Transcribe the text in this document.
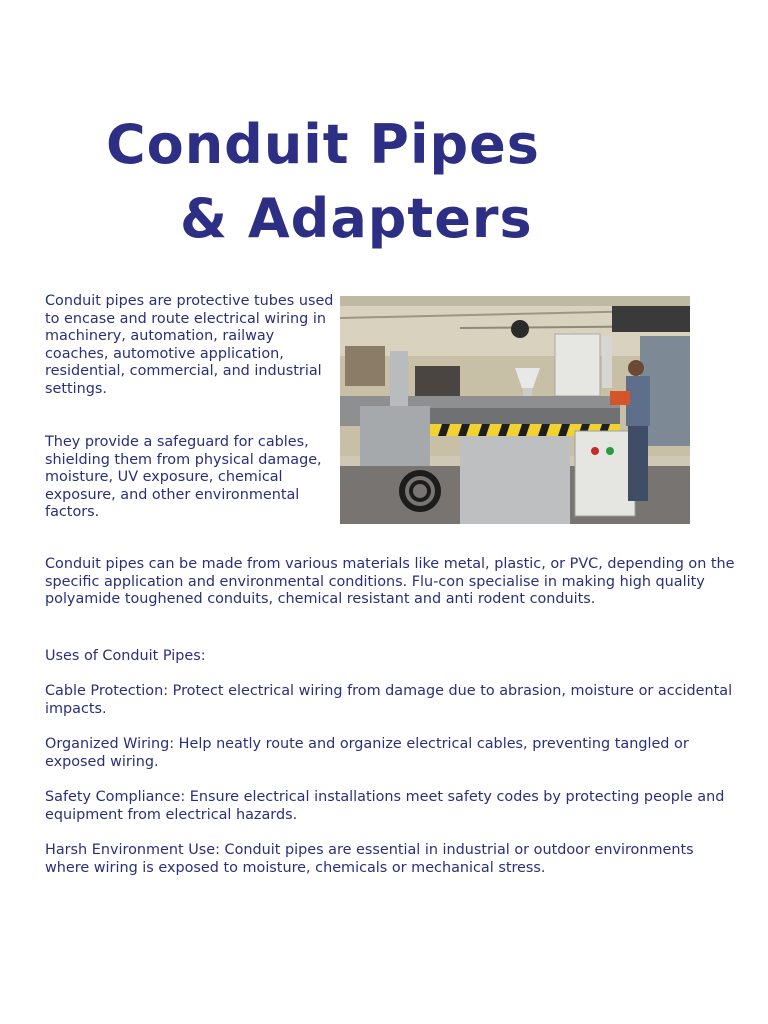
Conduit Pipes
& Adapters

Conduit pipes are protective tubes used to encase and route electrical wiring in machinery, automation, railway coaches, automotive application, residential, commercial, and industrial settings.

They provide a safeguard for cables, shielding them from physical damage, moisture, UV exposure, chemical exposure, and other environmental factors.

Conduit pipes can be made from various materials like metal, plastic, or PVC, depending on the specific application and environmental conditions. Flu-con specialise in making high quality polyamide toughened conduits, chemical resistant and anti rodent conduits.

Uses of Conduit Pipes:

Cable Protection: Protect electrical wiring from damage due to abrasion, moisture or accidental impacts.

Organized Wiring: Help neatly route and organize electrical cables, preventing tangled or exposed wiring.

Safety Compliance: Ensure electrical installations meet safety codes by protecting people and equipment from electrical hazards.

Harsh Environment Use: Conduit pipes are essential in industrial or outdoor environments where wiring is exposed to moisture, chemicals or mechanical stress.
